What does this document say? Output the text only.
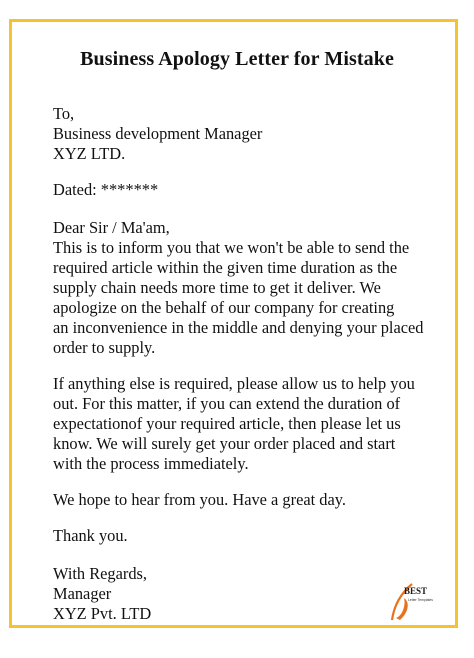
Business Apology Letter for Mistake
To,
Business development Manager
XYZ LTD.
Dated: *******
Dear Sir / Ma'am,
This is to inform you that we won't be able to send the
required article within the given time duration as the
supply chain needs more time to get it deliver. We
apologize on the behalf of our company for creating
an inconvenience in the middle and denying your placed
order to supply.
If anything else is required, please allow us to help you
out. For this matter, if you can extend the duration of
expectationof your required article, then please let us
know. We will surely get your order placed and start
with the process immediately.
We hope to hear from you. Have a great day.
Thank you.
With Regards,
Manager
XYZ Pvt. LTD
BEST
Letter Templates
